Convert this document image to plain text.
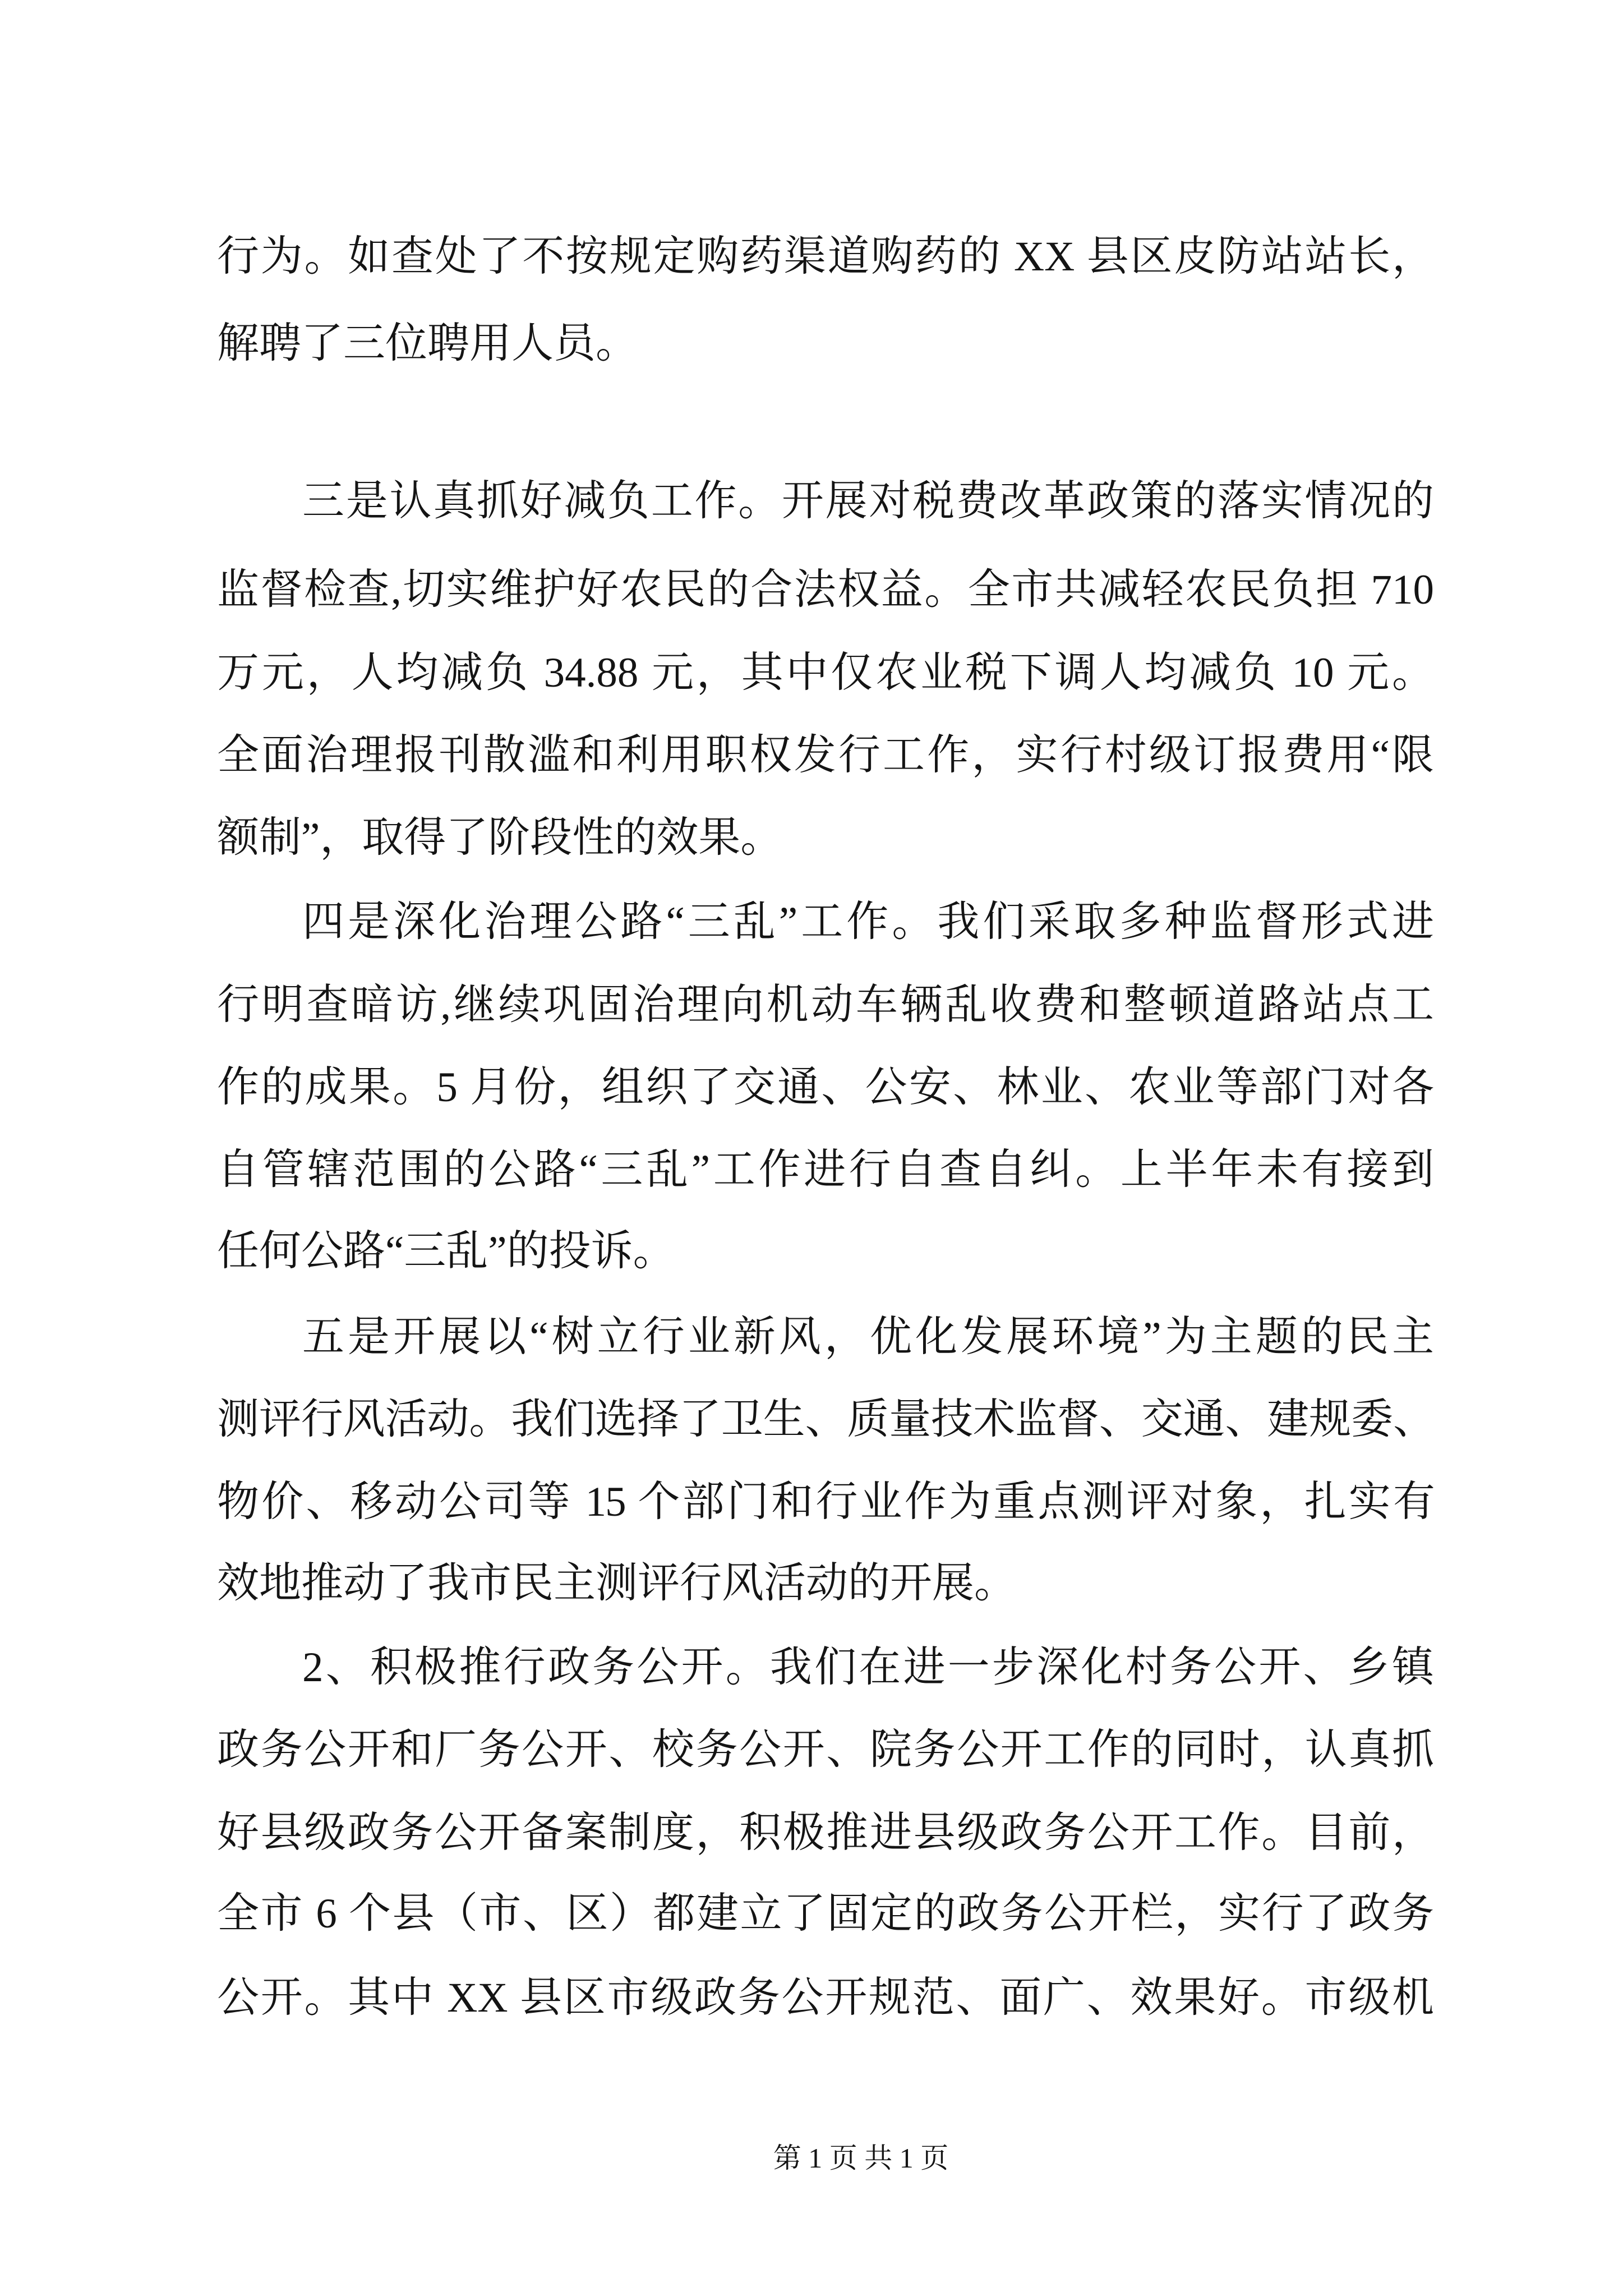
行为。如查处了不按规定购药渠道购药的 XX 县区皮防站站长，
解聘了三位聘用人员。
三是认真抓好减负工作。开展对税费改革政策的落实情况的
监督检查,切实维护好农民的合法权益。全市共减轻农民负担 710
万元，人均减负 34.88 元，其中仅农业税下调人均减负 10 元。
全面治理报刊散滥和利用职权发行工作，实行村级订报费用“限
额制”，取得了阶段性的效果。
四是深化治理公路“三乱”工作。我们采取多种监督形式进
行明查暗访,继续巩固治理向机动车辆乱收费和整顿道路站点工
作的成果。5 月份，组织了交通、公安、林业、农业等部门对各
自管辖范围的公路“三乱”工作进行自查自纠。上半年未有接到
任何公路“三乱”的投诉。
五是开展以“树立行业新风，优化发展环境”为主题的民主
测评行风活动。我们选择了卫生、质量技术监督、交通、建规委、
物价、移动公司等 15 个部门和行业作为重点测评对象，扎实有
效地推动了我市民主测评行风活动的开展。
2、积极推行政务公开。我们在进一步深化村务公开、乡镇
政务公开和厂务公开、校务公开、院务公开工作的同时，认真抓
好县级政务公开备案制度，积极推进县级政务公开工作。目前，
全市 6 个县（市、区）都建立了固定的政务公开栏，实行了政务
公开。其中 XX 县区市级政务公开规范、面广、效果好。市级机
第 1 页 共 1 页
